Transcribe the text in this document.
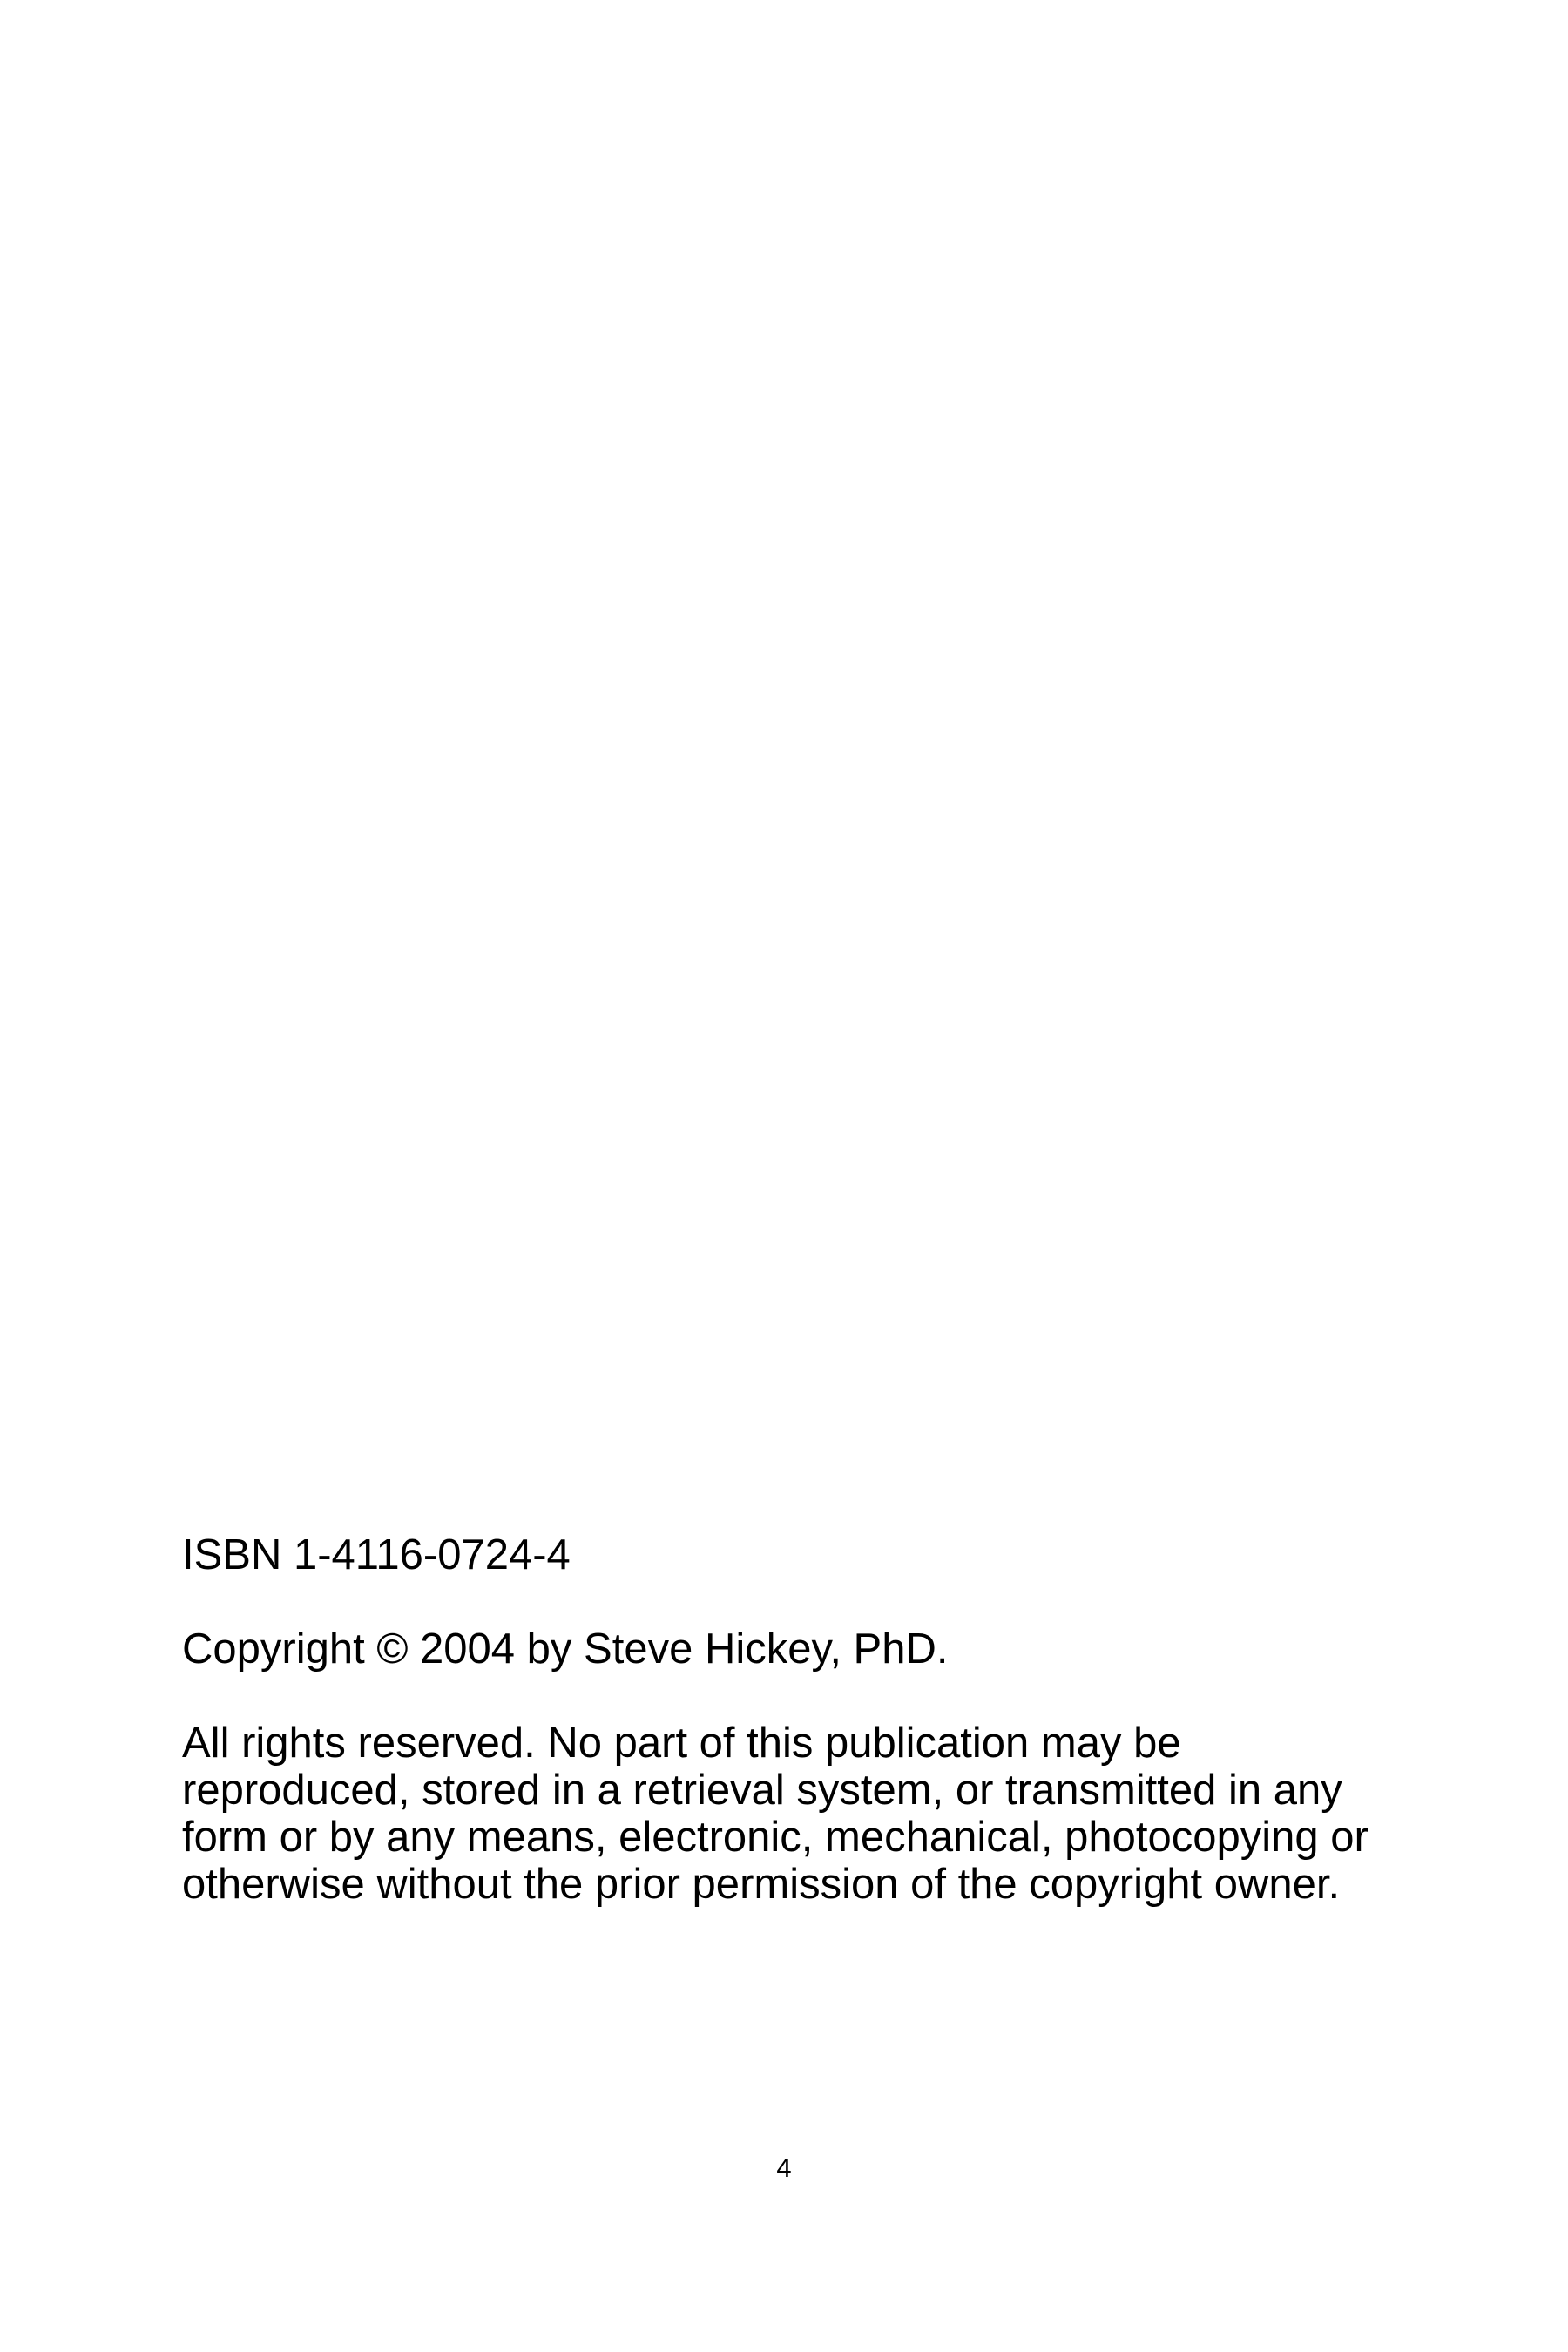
ISBN 1-4116-0724-4

Copyright © 2004 by Steve Hickey, PhD.

All rights reserved. No part of this publication may be

reproduced, stored in a retrieval system, or transmitted in any

form or by any means, electronic, mechanical, photocopying or

otherwise without the prior permission of the copyright owner.

4
